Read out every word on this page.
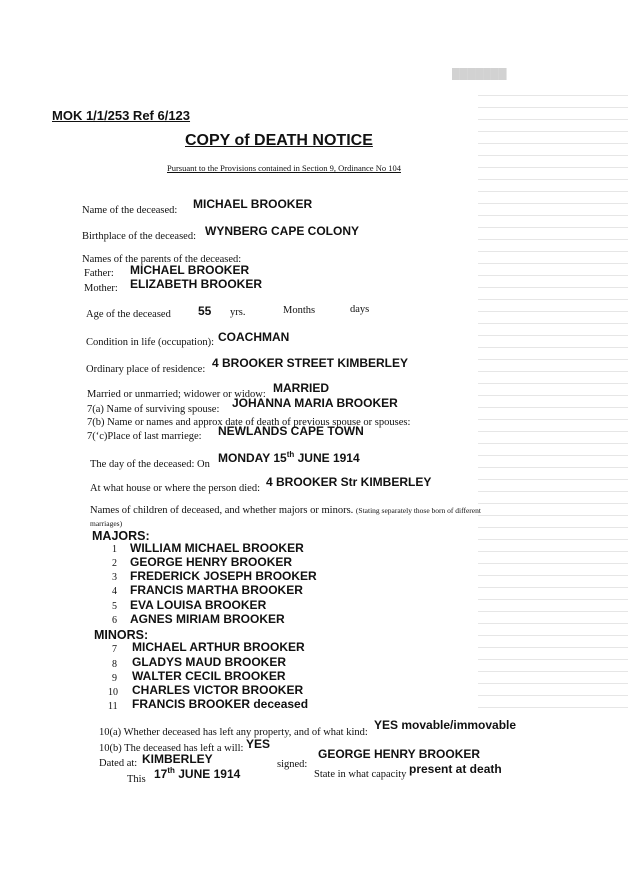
███████
MOK 1/1/253 Ref 6/123
COPY of DEATH NOTICE
Pursuant to the Provisions contained in Section 9, Ordinance No 104
Name of the deceased: MICHAEL BROOKER
Birthplace of the deceased: WYNBERG CAPE COLONY
Names of the parents of the deceased:
Father: MICHAEL BROOKER
Mother: ELIZABETH BROOKER
Age of the deceased 55 yrs.	Months	days
Condition in life (occupation): COACHMAN
Ordinary place of residence: 4 BROOKER STREET KIMBERLEY
Married or unmarried; widower or widow: MARRIED
7(a) Name of surviving spouse: JOHANNA MARIA BROOKER
7(b) Name or names and approx date of death of previous spouse or spouses:
7(‘c)Place of last marriege: NEWLANDS CAPE TOWN
The day of the deceased: On MONDAY 15th JUNE 1914
At what house or where the person died: 4 BROOKER Str KIMBERLEY
Names of children of deceased, and whether majors or minors. (Stating separately those born of different
marriages)
MAJORS:
1 WILLIAM MICHAEL BROOKER
2 GEORGE HENRY BROOKER
3 FREDERICK JOSEPH BROOKER
4 FRANCIS MARTHA BROOKER
5 EVA LOUISA BROOKER
6 AGNES MIRIAM BROOKER
MINORS:
7 MICHAEL ARTHUR BROOKER
8 GLADYS MAUD BROOKER
9 WALTER CECIL BROOKER
10 CHARLES VICTOR BROOKER
11 FRANCIS BROOKER deceased
10(a) Whether deceased has left any property, and of what kind:
YES movable/immovable
10(b) The deceased has left a will: YES
Dated at: KIMBERLEY	signed:
GEORGE HENRY BROOKER
This 17th JUNE 1914	State in what capacity present at death
